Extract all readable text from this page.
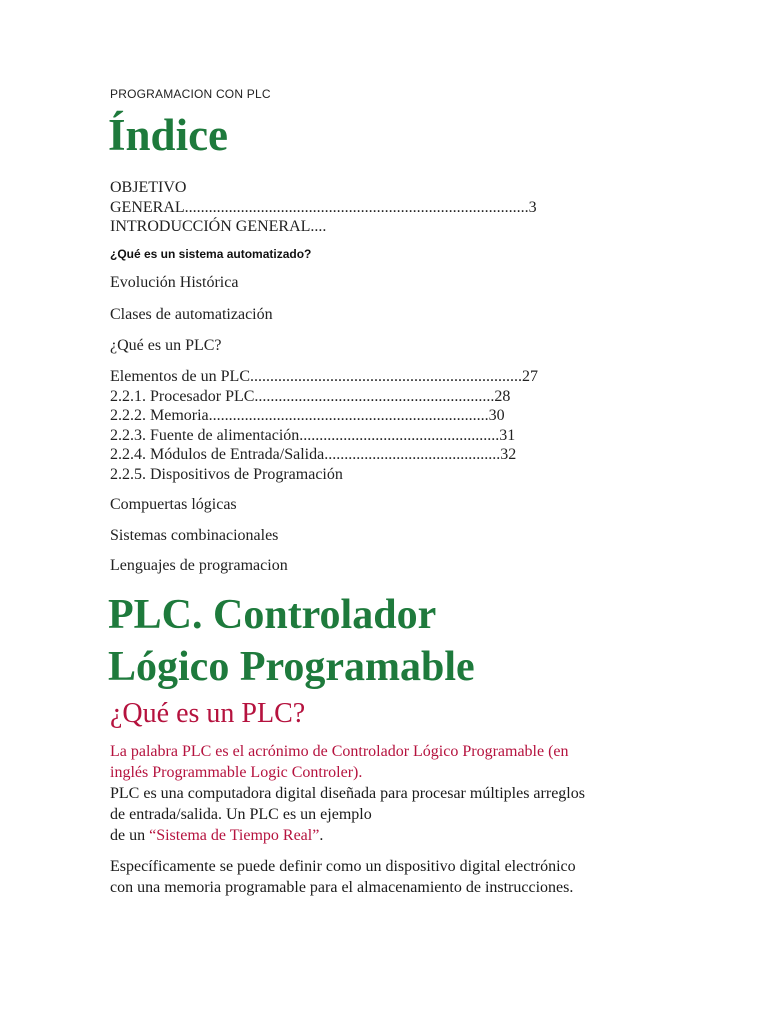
PROGRAMACION CON PLC
Índice
OBJETIVO
GENERAL......................................................................................3
INTRODUCCIÓN GENERAL....
¿Qué es un sistema automatizado?
Evolución Histórica
Clases de automatización
¿Qué es un PLC?
Elementos de un PLC....................................................................27
2.2.1. Procesador PLC............................................................28
2.2.2. Memoria......................................................................30
2.2.3. Fuente de alimentación..................................................31
2.2.4. Módulos de Entrada/Salida............................................32
2.2.5. Dispositivos de Programación
Compuertas lógicas
Sistemas combinacionales
Lenguajes de programacion
PLC. Controlador
Lógico Programable
¿Qué es un PLC?
La palabra PLC es el acrónimo de Controlador Lógico Programable (en
inglés Programmable Logic Controler).
PLC es una computadora digital diseñada para procesar múltiples arreglos
de entrada/salida. Un PLC es un ejemplo
de un “Sistema de Tiempo Real”.
Específicamente se puede definir como un dispositivo digital electrónico
con una memoria programable para el almacenamiento de instrucciones.
